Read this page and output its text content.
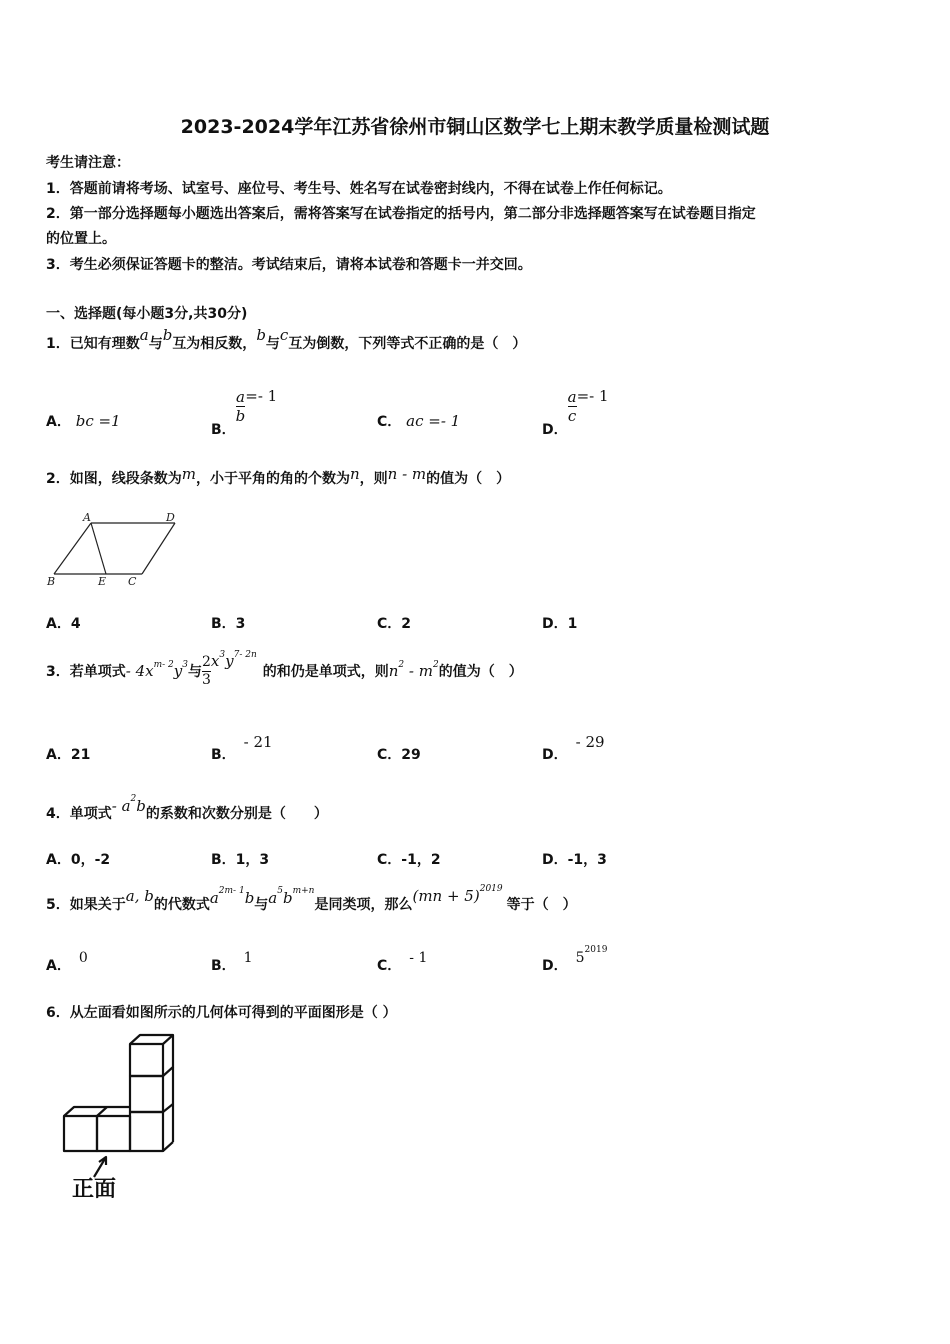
2023-2024学年江苏省徐州市铜山区数学七上期末教学质量检测试题
考生请注意：
1．答题前请将考场、试室号、座位号、考生号、姓名写在试卷密封线内，不得在试卷上作任何标记。
2．第一部分选择题每小题选出答案后，需将答案写在试卷指定的括号内，第二部分非选择题答案写在试卷题目指定
的位置上。
3．考生必须保证答题卡的整洁。考试结束后，请将本试卷和答题卡一并交回。
一、选择题(每小题3分,共30分)
1．已知有理数a与b互为相反数，b与c互为倒数，下列等式不正确的是（　）
A． bc =1	B．
$\frac{a}{b} =- 1$
C． ac =- 1	D．
$\frac{a}{c} =- 1$
2．如图，线段条数为m，小于平角的角的个数为n，则n - m的值为（　）
A	D
B	E C
A．4	B．3	C．2	D．1
3．若单项式 - $4x^{m- 2}y^3$ 与 $\frac{2}{3} x^3y^{7- 2n}$
的和仍是单项式，则 $n^2 - m^2$ 的值为（　）
A．21	B．- 21
C．29	D．- 29
4．单项式- $a^2b$的系数和次数分别是（　　）
A．0，-2	B．1，3	C．-1，2	D．-1，3
5．如果关于a, b的代数式$a^{2m- 1}b$与$a^5b^{m+n}$是同类项，那么(mn + 5)$^{2019}$等于（　）
A． 0	B． 1	C． - 1	D． $5^{2019}$
6．从左面看如图所示的几何体可得到的平面图形是（ ）
正面
